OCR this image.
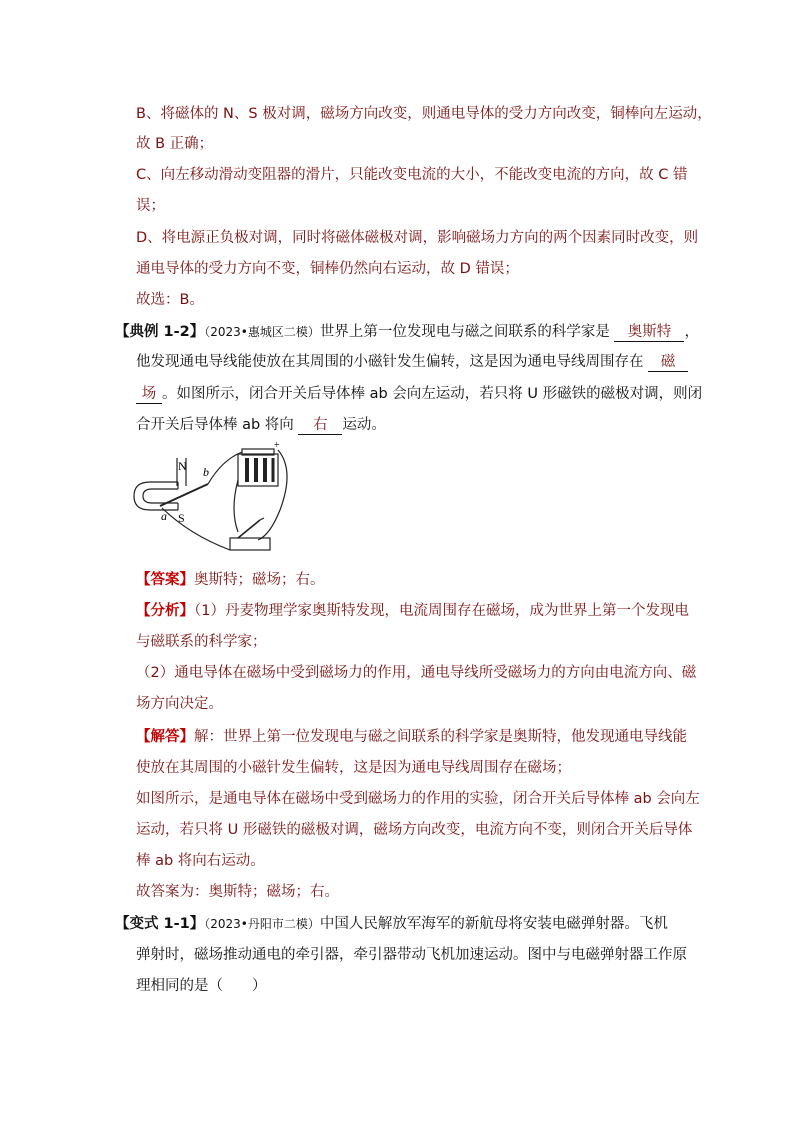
B、将磁体的 N、S 极对调，磁场方向改变，则通电导体的受力方向改变，铜棒向左运动，
故 B 正确；
C、向左移动滑动变阻器的滑片，只能改变电流的大小，不能改变电流的方向，故 C 错
误；
D、将电源正负极对调，同时将磁体磁极对调，影响磁场力方向的两个因素同时改变，则
通电导体的受力方向不变，铜棒仍然向右运动，故 D 错误；
故选：B。
【典例 1-2】（2023•惠城区二模）世界上第一位发现电与磁之间联系的科学家是 奥斯特 ，
他发现通电导线能使放在其周围的小磁针发生偏转，这是因为通电导线周围存在 磁
场 。如图所示，闭合开关后导体棒 ab 会向左运动，若只将 U 形磁铁的磁极对调，则闭
合开关后导体棒 ab 将向 右 运动。
N
S
a
b
+
【答案】奥斯特；磁场；右。
【分析】（1）丹麦物理学家奥斯特发现，电流周围存在磁场，成为世界上第一个发现电
与磁联系的科学家；
（2）通电导体在磁场中受到磁场力的作用，通电导线所受磁场力的方向由电流方向、磁
场方向决定。
【解答】解：世界上第一位发现电与磁之间联系的科学家是奥斯特，他发现通电导线能
使放在其周围的小磁针发生偏转，这是因为通电导线周围存在磁场；
如图所示，是通电导体在磁场中受到磁场力的作用的实验，闭合开关后导体棒 ab 会向左
运动，若只将 U 形磁铁的磁极对调，磁场方向改变，电流方向不变，则闭合开关后导体
棒 ab 将向右运动。
故答案为：奥斯特；磁场；右。
【变式 1-1】（2023•丹阳市二模）中国人民解放军海军的新航母将安装电磁弹射器。飞机
弹射时，磁场推动通电的牵引器，牵引器带动飞机加速运动。图中与电磁弹射器工作原
理相同的是（　　）
